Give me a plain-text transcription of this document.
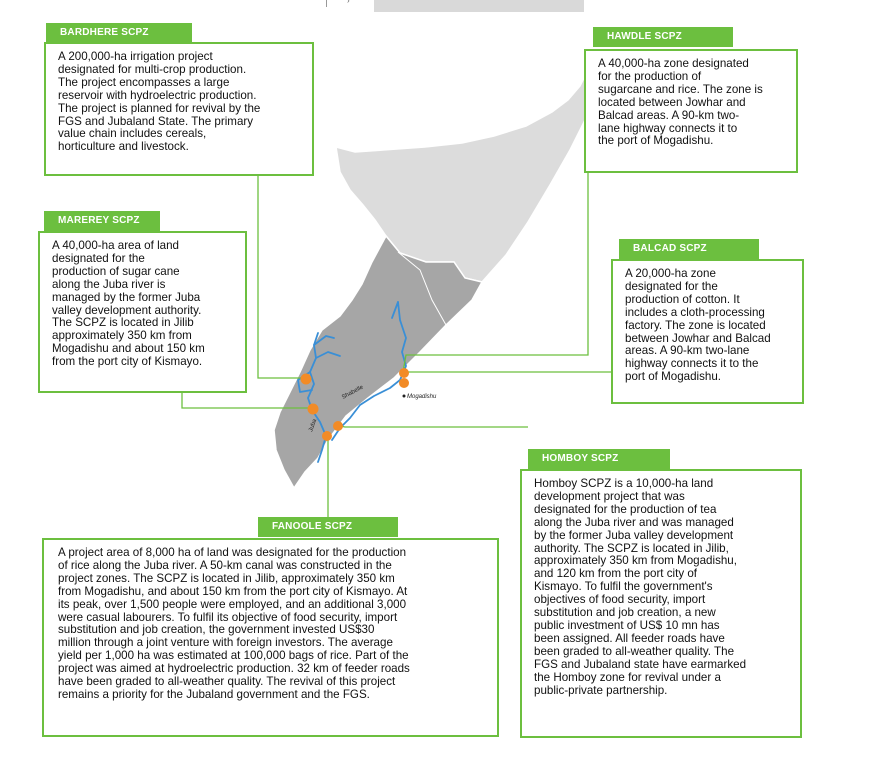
›
Shabelle
Juba
Mogadishu
BARDHERE SCPZ
A 200,000-ha irrigation project
designated for multi-crop production.
The project encompasses a large
reservoir with hydroelectric production.
The project is planned for revival by the
FGS and Jubaland State. The primary
value chain includes cereals,
horticulture and livestock.
HAWDLE SCPZ
A 40,000-ha zone designated
for the production of
sugarcane and rice. The zone is
located between Jowhar and
Balcad areas. A 90-km two-
lane highway connects it to
the port of Mogadishu.
MAREREY SCPZ
A 40,000-ha area of land
designated for the
production of sugar cane
along the Juba river is
managed by the former Juba
valley development authority.
The SCPZ is located in Jilib
approximately 350 km from
Mogadishu and about 150 km
from the port city of Kismayo.
BALCAD SCPZ
A 20,000-ha zone
designated for the
production of cotton. It
includes a cloth-processing
factory. The zone is located
between Jowhar and Balcad
areas. A 90-km two-lane
highway connects it to the
port of Mogadishu.
HOMBOY SCPZ
Homboy SCPZ is a 10,000-ha land
development project that was
designated for the production of tea
along the Juba river and was managed
by the former Juba valley development
authority. The SCPZ is located in Jilib,
approximately 350 km from Mogadishu,
and 120 km from the port city of
Kismayo. To fulfil the government's
objectives of food security, import
substitution and job creation, a new
public investment of US$ 10 mn has
been assigned. All feeder roads have
been graded to all-weather quality. The
FGS and Jubaland state have earmarked
the Homboy zone for revival under a
public-private partnership.
FANOOLE SCPZ
A project area of 8,000 ha of land was designated for the production
of rice along the Juba river. A 50-km canal was constructed in the
project zones. The SCPZ is located in Jilib, approximately 350 km
from Mogadishu, and about 150 km from the port city of Kismayo. At
its peak, over 1,500 people were employed, and an additional 3,000
were casual labourers. To fulfil its objective of food security, import
substitution and job creation, the government invested US$30
million through a joint venture with foreign investors. The average
yield per 1,000 ha was estimated at 100,000 bags of rice. Part of the
project was aimed at hydroelectric production. 32 km of feeder roads
have been graded to all-weather quality. The revival of this project
remains a priority for the Jubaland government and the FGS.
